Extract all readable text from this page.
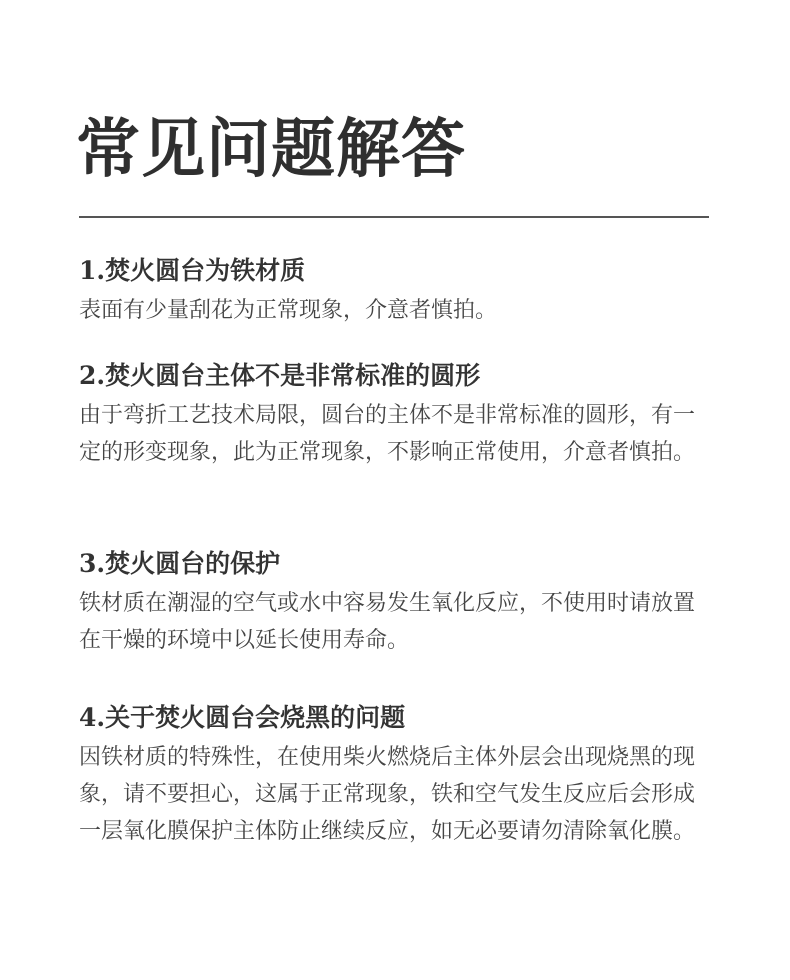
常见问题解答

1.焚火圆台为铁材质

表面有少量刮花为正常现象，介意者慎拍。

2.焚火圆台主体不是非常标准的圆形

由于弯折工艺技术局限，圆台的主体不是非常标准的圆形，有一定的形变现象，此为正常现象，不影响正常使用，介意者慎拍。

3.焚火圆台的保护

铁材质在潮湿的空气或水中容易发生氧化反应，不使用时请放置在干燥的环境中以延长使用寿命。

4.关于焚火圆台会烧黑的问题

因铁材质的特殊性，在使用柴火燃烧后主体外层会出现烧黑的现象，请不要担心，这属于正常现象，铁和空气发生反应后会形成一层氧化膜保护主体防止继续反应，如无必要请勿清除氧化膜。
